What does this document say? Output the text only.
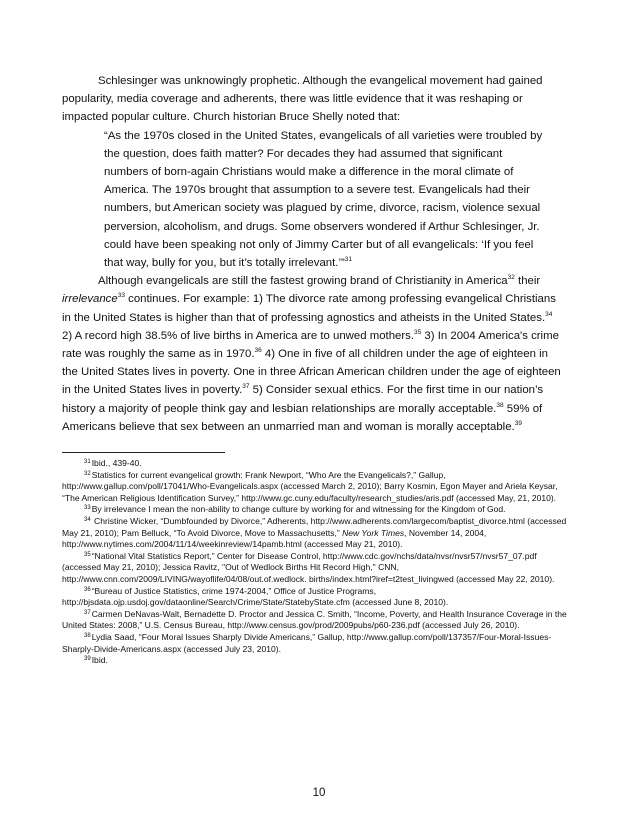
Schlesinger was unknowingly prophetic. Although the evangelical movement had gained popularity, media coverage and adherents, there was little evidence that it was reshaping or impacted popular culture. Church historian Bruce Shelly noted that:

“As the 1970s closed in the United States, evangelicals of all varieties were troubled by the question, does faith matter? For decades they had assumed that significant numbers of born-again Christians would make a difference in the moral climate of America. The 1970s brought that assumption to a severe test. Evangelicals had their numbers, but American society was plagued by crime, divorce, racism, violence sexual perversion, alcoholism, and drugs. Some observers wondered if Arthur Schlesinger, Jr. could have been speaking not only of Jimmy Carter but of all evangelicals: ‘If you feel that way, bully for you, but it’s totally irrelevant.’”$^{31}$

Although evangelicals are still the fastest growing brand of Christianity in America$^{32}$ their irrelevance$^{33}$ continues. For example: 1) The divorce rate among professing evangelical Christians in the United States is higher than that of professing agnostics and atheists in the United States.$^{34}$ 2) A record high 38.5% of live births in America are to unwed mothers.$^{35}$ 3) In 2004 America's crime rate was roughly the same as in 1970.36 4) One in five of all children under the age of eighteen in the United States lives in poverty. One in three African American children under the age of eighteen in the United States lives in poverty.$^{37}$ 5) Consider sexual ethics. For the first time in our nation’s history a majority of people think gay and lesbian relationships are morally acceptable.$^{38}$ 59% of Americans believe that sex between an unmarried man and woman is morally acceptable.$^{39}$

$^{31}$Ibid., 439-40.

$^{32}$Statistics for current evangelical growth: Frank Newport, “Who Are the Evangelicals?,” Gallup, http://www.gallup.com/poll/17041/Who-Evangelicals.aspx (accessed March 2, 2010); Barry Kosmin, Egon Mayer and Ariela Keysar, “The American Religious Identification Survey,” http://www.gc.cuny.edu/faculty/research_studies/aris.pdf (accessed May, 21, 2010).

$^{33}$By irrelevance I mean the non-ability to change culture by working for and witnessing for the Kingdom of God.

$^{34}$ Christine Wicker, “Dumbfounded by Divorce,” Adherents, http://www.adherents.com/largecom/baptist_divorce.html (accessed May 21, 2010); Pam Belluck, “To Avoid Divorce, Move to Massachusetts,” New York Times, November 14, 2004, http://www.nytimes.com/2004/11/14/weekinreview/14pamb.html (accessed May 21, 2010).

$^{35}$“National Vital Statistics Report,” Center for Disease Control, http://www.cdc.gov/nchs/data/nvsr/nvsr57/nvsr57_07.pdf (accessed May 21, 2010); Jessica Ravitz, "Out of Wedlock Births Hit Record High," CNN, http://www.cnn.com/2009/LIVING/wayoflife/04/08/out.of.wedlock. births/index.html?iref=t2test_livingwed (accessed May 22, 2010).

$^{36}$“Bureau of Justice Statistics, crime 1974-2004,” Office of Justice Programs, http://bjsdata.ojp.usdoj.gov/dataonline/Search/Crime/State/StatebyState.cfm (accessed June 8, 2010).

$^{37}$Carmen DeNavas-Walt, Bernadette D. Proctor and Jessica C. Smith, “Income, Poverty, and Health Insurance Coverage in the United States: 2008,” U.S. Census Bureau, http://www.census.gov/prod/2009pubs/p60-236.pdf (accessed July 26, 2010).

$^{38}$Lydia Saad, “Four Moral Issues Sharply Divide Americans,” Gallup, http://www.gallup.com/poll/137357/Four-Moral-Issues-Sharply-Divide-Americans.aspx (accessed July 23, 2010).

$^{39}$Ibid.

10
